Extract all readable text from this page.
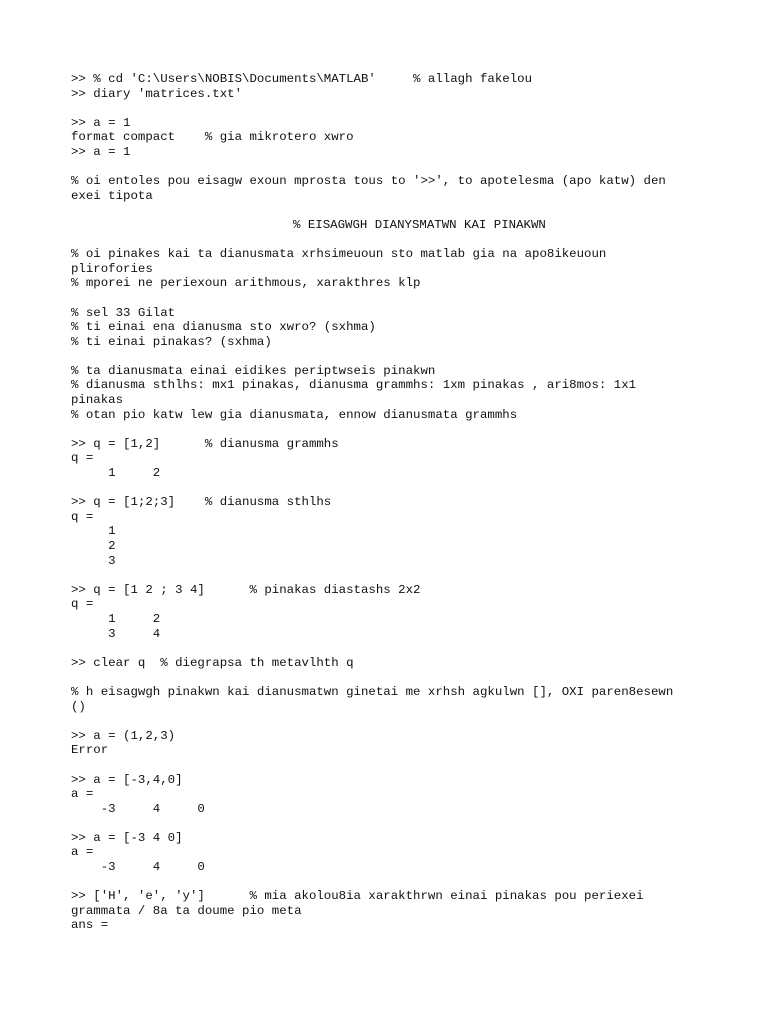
>> % cd 'C:\Users\NOBIS\Documents\MATLAB'     % allagh fakelou
>> diary 'matrices.txt'
>> a = 1
format compact    % gia mikrotero xwro
>> a = 1
% oi entoles pou eisagw exoun mprosta tous to '>>', to apotelesma (apo katw) den
exei tipota
% EISAGWGH DIANYSMATWN KAI PINAKWN
% oi pinakes kai ta dianusmata xrhsimeuoun sto matlab gia na apo8ikeuoun
plirofories
% mporei ne periexoun arithmous, xarakthres klp
% sel 33 Gilat
% ti einai ena dianusma sto xwro? (sxhma)
% ti einai pinakas? (sxhma)
% ta dianusmata einai eidikes periptwseis pinakwn
% dianusma sthlhs: mx1 pinakas, dianusma grammhs: 1xm pinakas , ari8mos: 1x1
pinakas
% otan pio katw lew gia dianusmata, ennow dianusmata grammhs
>> q = [1,2]      % dianusma grammhs
q =
1     2
>> q = [1;2;3]    % dianusma sthlhs
q =
1
2
3
>> q = [1 2 ; 3 4]      % pinakas diastashs 2x2
q =
1     2
3     4
>> clear q  % diegrapsa th metavlhth q
% h eisagwgh pinakwn kai dianusmatwn ginetai me xrhsh agkulwn [], OXI paren8esewn
()
>> a = (1,2,3)
Error
>> a = [-3,4,0]
a =
-3     4     0
>> a = [-3 4 0]
a =
-3     4     0
>> ['H', 'e', 'y']      % mia akolou8ia xarakthrwn einai pinakas pou periexei
grammata / 8a ta doume pio meta
ans =
